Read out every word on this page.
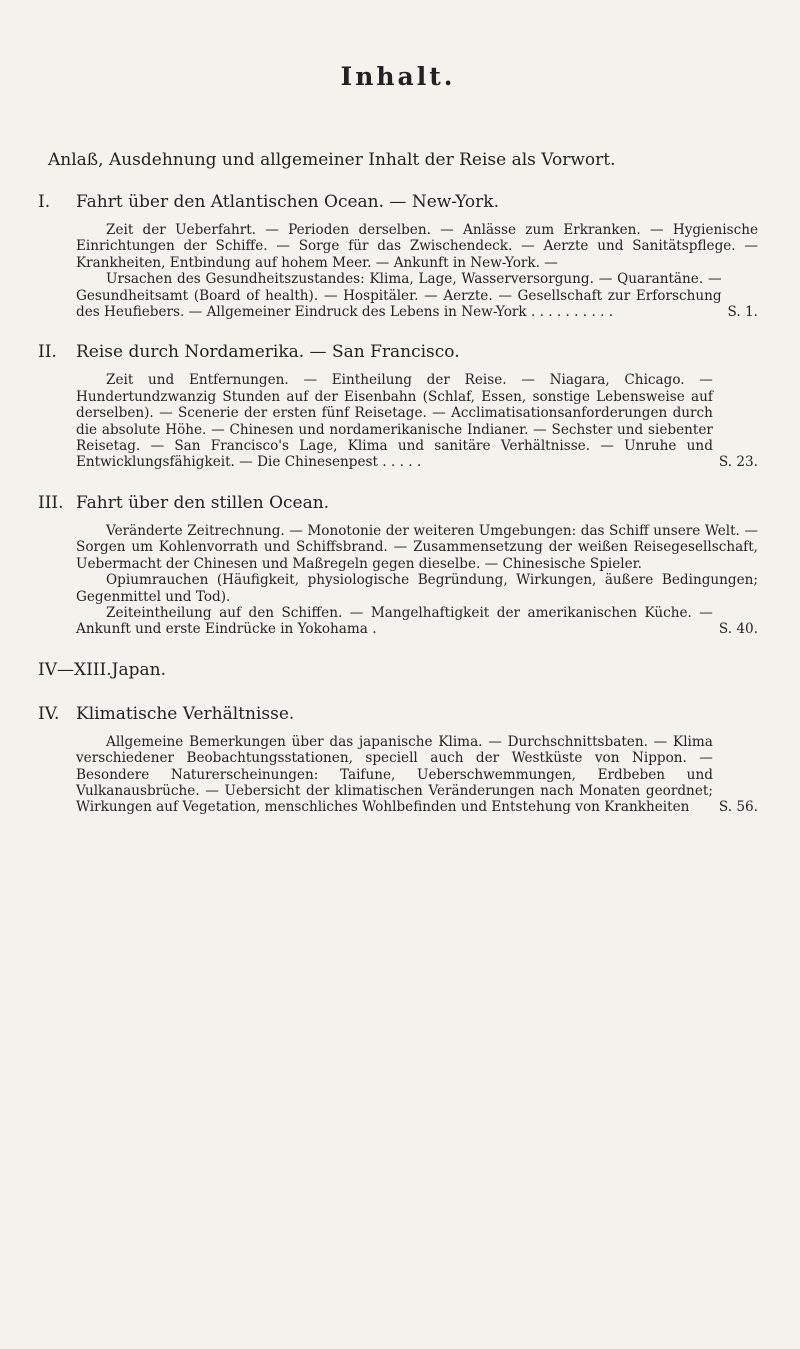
Inhalt.
Anlaß, Ausdehnung und allgemeiner Inhalt der Reise als Vorwort.
I.	Fahrt über den Atlantischen Ocean. — New-York.

Zeit der Ueberfahrt. — Perioden derselben. — Anlässe zum Erkranken. — Hygienische Einrichtungen der Schiffe. — Sorge für das Zwischendeck. — Aerzte und Sanitätspflege. — Krankheiten, Entbindung auf hohem Meer. — Ankunft in New-York. —

Ursachen des Gesundheitszustandes: Klima, Lage, Wasserversorgung. — Quarantäne. — Gesundheitsamt (Board of health). — Hospitäler. — Aerzte. — Gesellschaft zur Erforschung des Heufiebers. — Allgemeiner Eindruck des Lebens in New-York . . . . . . . . . .	S. 1.
II.	Reise durch Nordamerika. — San Francisco.
Zeit und Entfernungen. — Eintheilung der Reise. — Niagara, Chicago. — Hundertundzwanzig Stunden auf der Eisenbahn (Schlaf, Essen, sonstige Lebensweise auf derselben). — Scenerie der ersten fünf Reisetage. — Acclimatisationsanforderungen durch die absolute Höhe. — Chinesen und nordamerikanische Indianer. — Sechster und siebenter Reisetag. — San Francisco's Lage, Klima und sanitäre Verhältnisse. — Unruhe und Entwicklungsfähigkeit. — Die Chinesenpest . . . . .	S. 23.
III. Fahrt über den stillen Ocean.

Veränderte Zeitrechnung. — Monotonie der weiteren Umgebungen: das Schiff unsere Welt. — Sorgen um Kohlenvorrath und Schiffsbrand. — Zusammensetzung der weißen Reisegesellschaft, Uebermacht der Chinesen und Maßregeln gegen dieselbe. — Chinesische Spieler.

Opiumrauchen (Häufigkeit, physiologische Begründung, Wirkungen, äußere Bedingungen; Gegenmittel und Tod).

Zeiteintheilung auf den Schiffen. — Mangelhaftigkeit der amerikanischen Küche. — Ankunft und erste Eindrücke in Yokohama .	S. 40.
IV—XIII. Japan.
IV. Klimatische Verhältnisse.
Allgemeine Bemerkungen über das japanische Klima. — Durchschnittsbaten. — Klima verschiedener Beobachtungsstationen, speciell auch der Westküste von Nippon. — Besondere Naturerscheinungen: Taifune, Ueberschwemmungen, Erdbeben und Vulkanausbrüche. — Uebersicht der klimatischen Veränderungen nach Monaten geordnet; Wirkungen auf Vegetation, menschliches Wohlbefinden und Entstehung von Krankheiten	S. 56.
